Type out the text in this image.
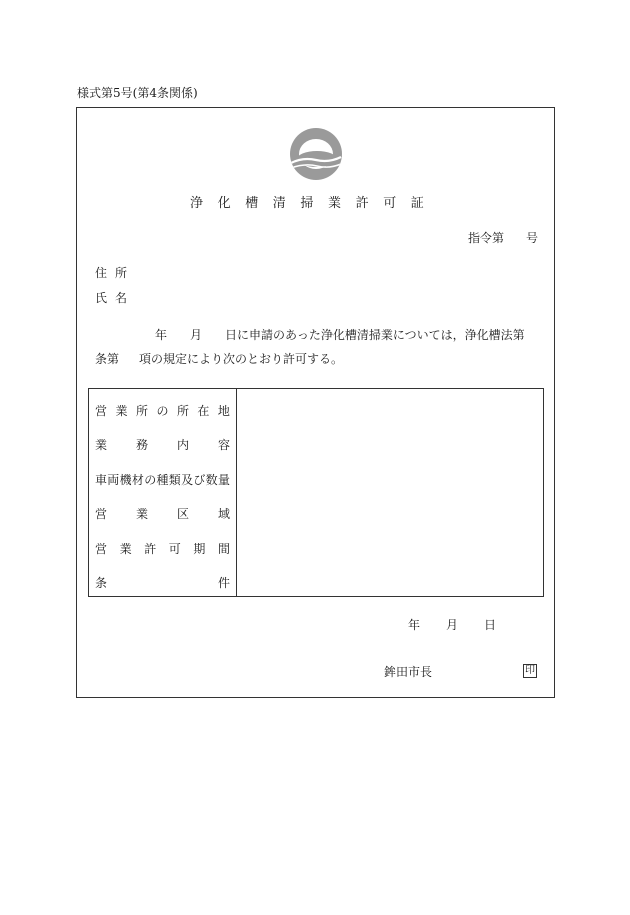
様式第5号(第4条関係)
浄化槽清掃業許可証
指令第 号
住所
氏名
年 月 日に申請のあった浄化槽清掃業については，浄化槽法第
条第 項の規定により次のとおり許可する。
営 業 所 の 所 在 地
業 務 内 容
車 両 機 材 の 種 類 及 び 数 量
営 業 区 域
営 業 許 可 期 間
条	件
年 月 日
鉾田市長	印
